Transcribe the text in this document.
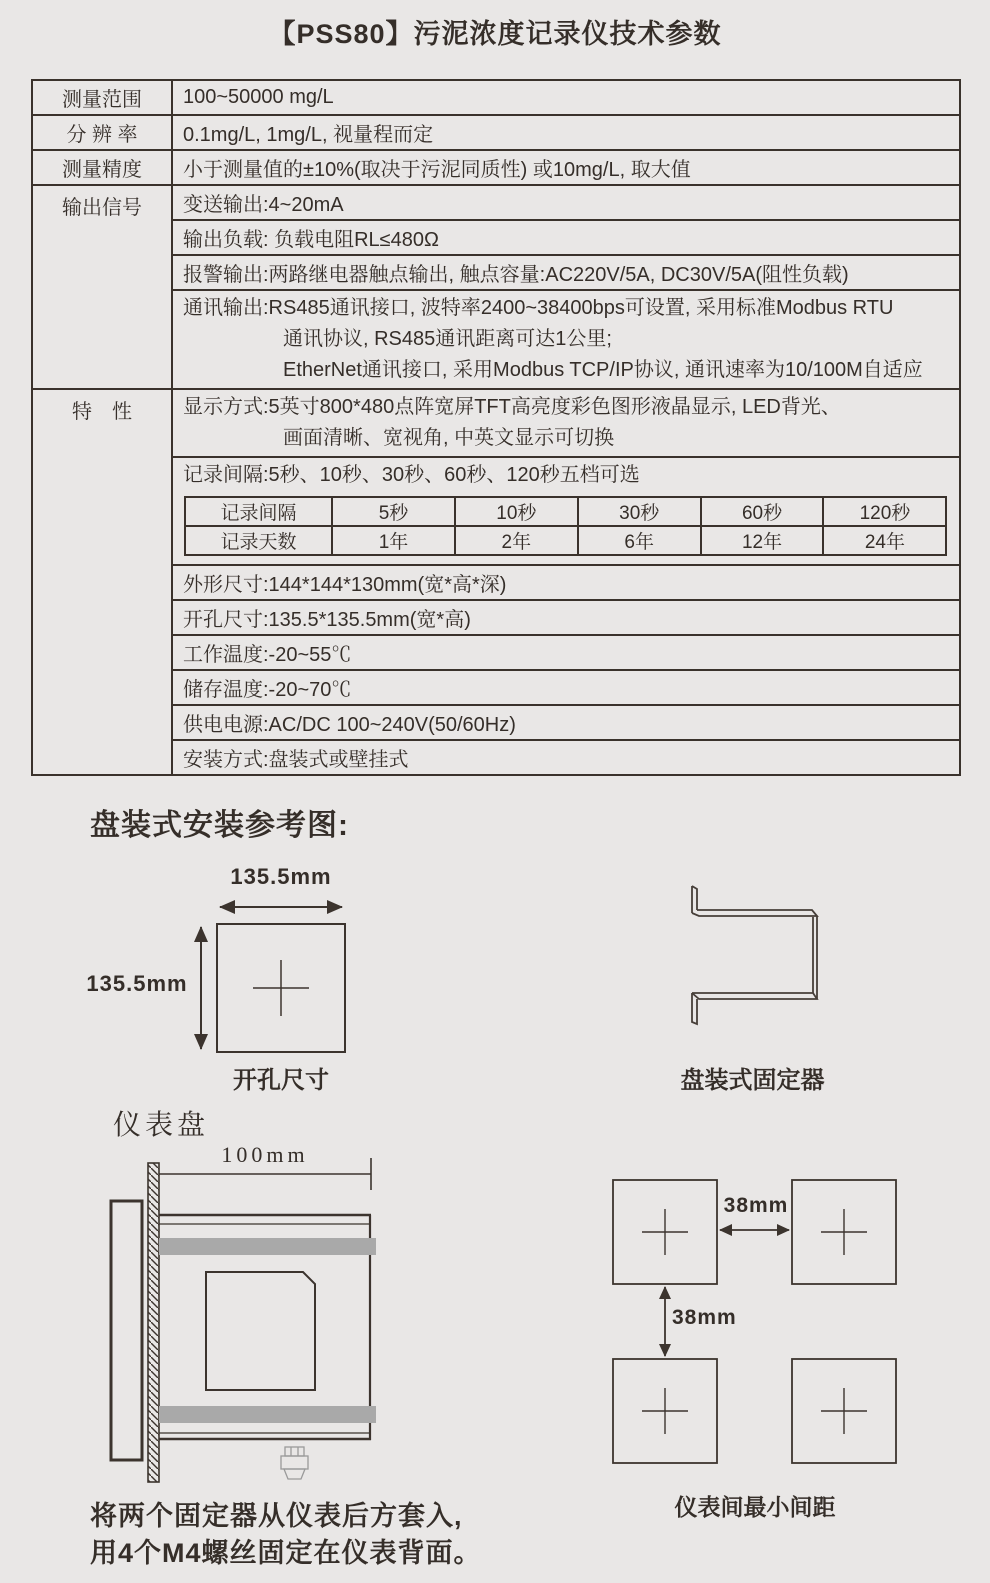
【PSS80】污泥浓度记录仪技术参数
测量范围	100~50000 mg/L
分 辨 率	0.1mg/L, 1mg/L, 视量程而定
测量精度	小于测量值的±10%(取决于污泥同质性) 或10mg/L, 取大值
输出信号	变送输出:4~20mA
输出负载: 负载电阻RL≤480Ω
报警输出:两路继电器触点输出, 触点容量:AC220V/5A, DC30V/5A(阻性负载)

通讯输出:RS485通讯接口, 波特率2400~38400bps可设置, 采用标准Modbus RTU
通讯协议, RS485通讯距离可达1公里;
EtherNet通讯接口, 采用Modbus TCP/IP协议, 通讯速率为10/100M自适应

特　性	显示方式:5英寸800*480点阵宽屏TFT高亮度彩色图形液晶显示, LED背光、
画面清晰、宽视角, 中英文显示可切换

记录间隔:5秒、10秒、30秒、60秒、120秒五档可选
记录间隔	5秒	10秒	30秒	60秒	120秒
记录天数	1年	2年	6年	12年	24年

外形尺寸:144*144*130mm(宽*高*深)
开孔尺寸:135.5*135.5mm(宽*高)
工作温度:-20~55℃
储存温度:-20~70℃
供电电源:AC/DC 100~240V(50/60Hz)
安装方式:盘装式或壁挂式
盘装式安装参考图:
135.5mm
135.5mm
开孔尺寸	盘装式固定器
仪表盘
100mm
38mm
38mm
仪表间最小间距
将两个固定器从仪表后方套入,
用4个M4螺丝固定在仪表背面。
